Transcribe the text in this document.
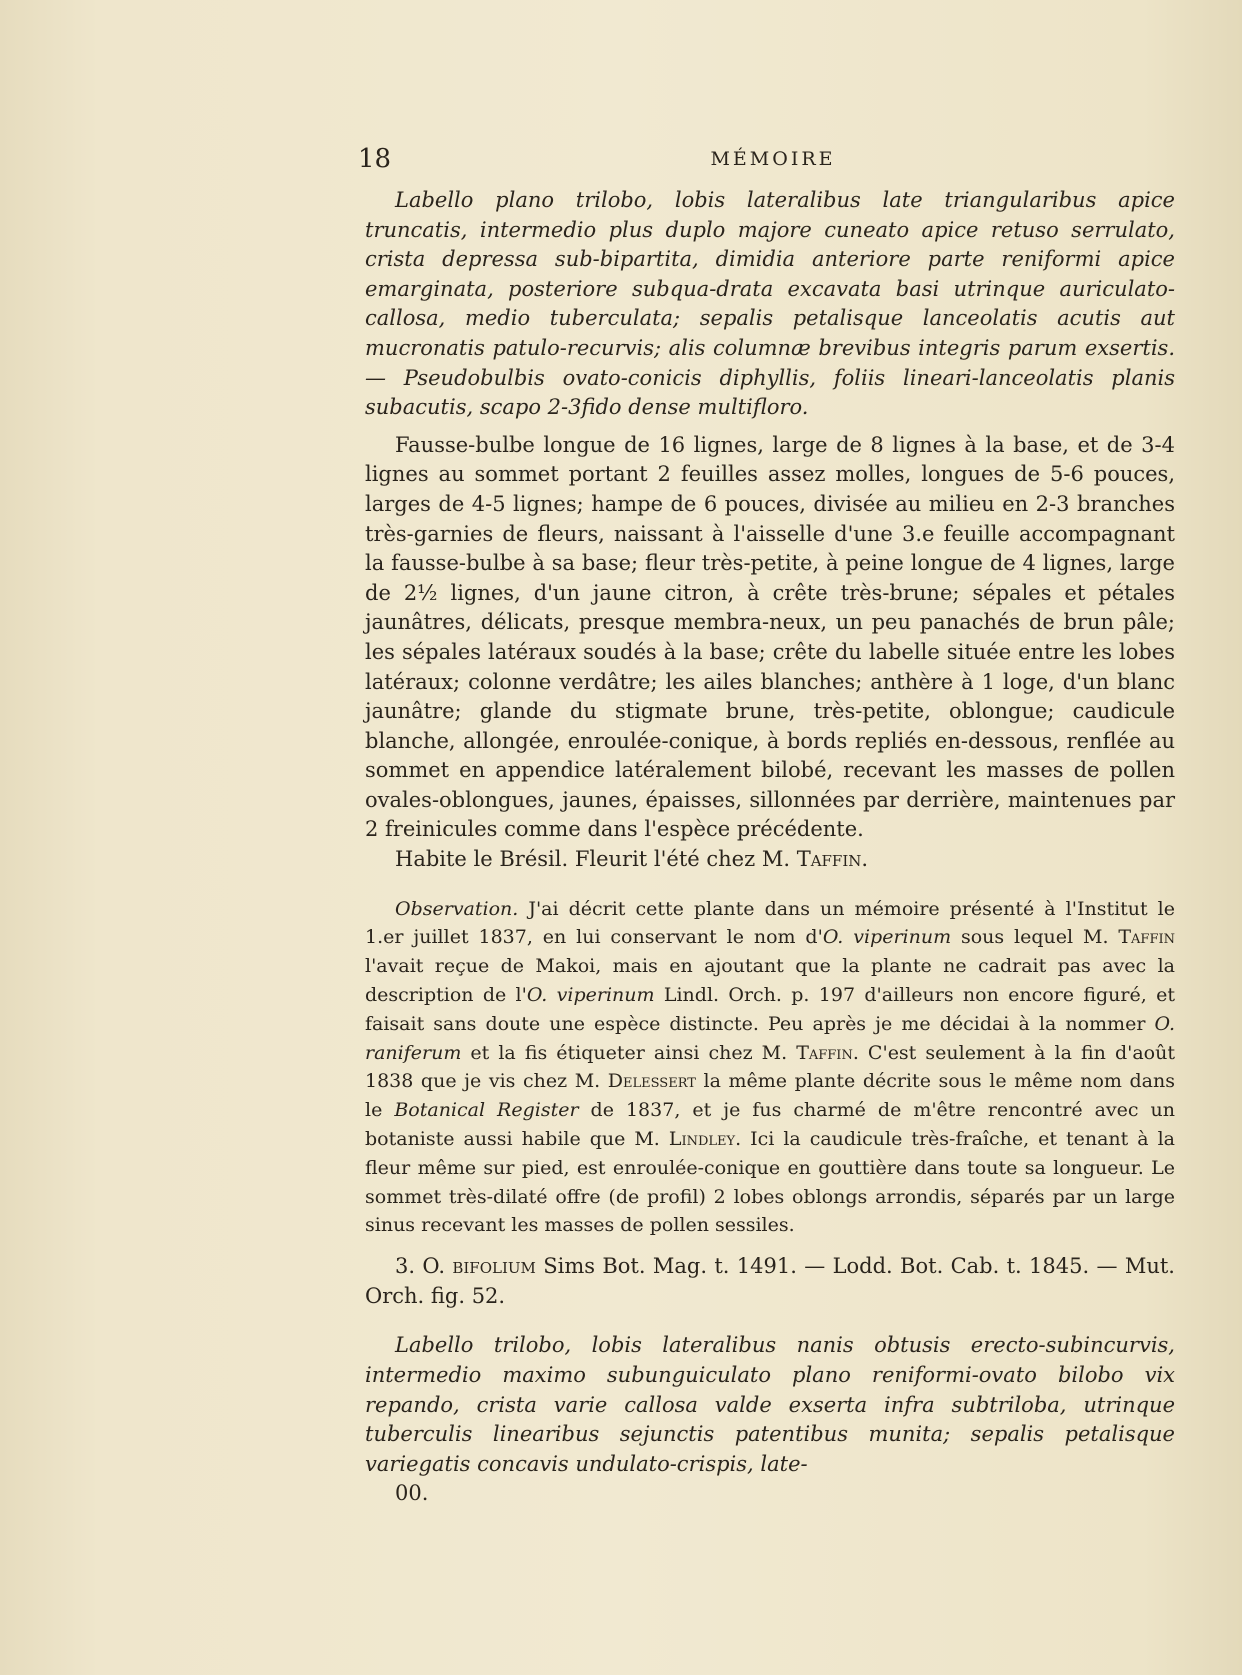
18	MÉMOIRE

Labello plano trilobo, lobis lateralibus late triangularibus apice truncatis, intermedio plus duplo majore cuneato apice retuso serrulato, crista depressa sub-bipartita, dimidia anteriore parte reniformi apice emarginata, posteriore subqua-drata excavata basi utrinque auriculato-callosa, medio tuberculata; sepalis petalisque lanceolatis acutis aut mucronatis patulo-recurvis; alis columnæ brevibus integris parum exsertis. — Pseudobulbis ovato-conicis diphyllis, foliis lineari-lanceolatis planis subacutis, scapo 2-3fido dense multifloro.

Fausse-bulbe longue de 16 lignes, large de 8 lignes à la base, et de 3-4 lignes au sommet portant 2 feuilles assez molles, longues de 5-6 pouces, larges de 4-5 lignes; hampe de 6 pouces, divisée au milieu en 2-3 branches très-garnies de fleurs, naissant à l'aisselle d'une 3.e feuille accompagnant la fausse-bulbe à sa base; fleur très-petite, à peine longue de 4 lignes, large de 2½ lignes, d'un jaune citron, à crête très-brune; sépales et pétales jaunâtres, délicats, presque membra-neux, un peu panachés de brun pâle; les sépales latéraux soudés à la base; crête du labelle située entre les lobes latéraux; colonne verdâtre; les ailes blanches; anthère à 1 loge, d'un blanc jaunâtre; glande du stigmate brune, très-petite, oblongue; caudicule blanche, allongée, enroulée-conique, à bords repliés en-dessous, renflée au sommet en appendice latéralement bilobé, recevant les masses de pollen ovales-oblongues, jaunes, épaisses, sillonnées par derrière, maintenues par 2 freinicules comme dans l'espèce précédente.

Habite le Brésil. Fleurit l'été chez M. Taffin.

Observation. J'ai décrit cette plante dans un mémoire présenté à l'Institut le 1.er juillet 1837, en lui conservant le nom d'O. viperinum sous lequel M. Taffin l'avait reçue de Makoi, mais en ajoutant que la plante ne cadrait pas avec la description de l'O. viperinum Lindl. Orch. p. 197 d'ailleurs non encore figuré, et faisait sans doute une espèce distincte. Peu après je me décidai à la nommer O. raniferum et la fis étiqueter ainsi chez M. Taffin. C'est seulement à la fin d'août 1838 que je vis chez M. Delessert la même plante décrite sous le même nom dans le Botanical Register de 1837, et je fus charmé de m'être rencontré avec un botaniste aussi habile que M. Lindley. Ici la caudicule très-fraîche, et tenant à la fleur même sur pied, est enroulée-conique en gouttière dans toute sa longueur. Le sommet très-dilaté offre (de profil) 2 lobes oblongs arrondis, séparés par un large sinus recevant les masses de pollen sessiles.

3. O. bifolium Sims Bot. Mag. t. 1491. — Lodd. Bot. Cab. t. 1845. — Mut. Orch. fig. 52.

Labello trilobo, lobis lateralibus nanis obtusis erecto-subincurvis, intermedio maximo subunguiculato plano reniformi-ovato bilobo vix repando, crista varie callosa valde exserta infra subtriloba, utrinque tuberculis linearibus sejunctis patentibus munita; sepalis petalisque variegatis concavis undulato-crispis, late-

00.
